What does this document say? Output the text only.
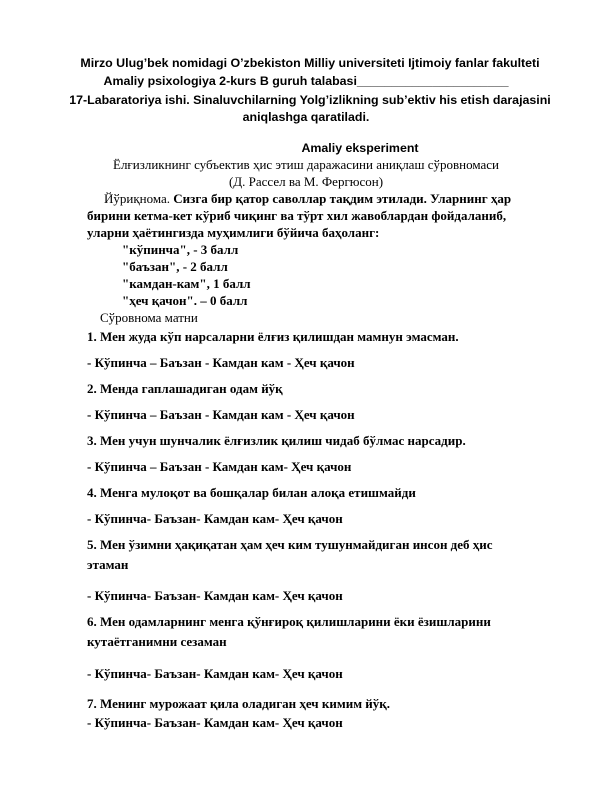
Mirzo Ulug’bek nomidagi O’zbekiston Milliy universiteti Ijtimoiy fanlar fakulteti
Amaliy psixologiya 2-kurs B guruh talabasi______________________
17-Labaratoriya ishi. Sinaluvchilarning Yolg’izlikning sub’ektiv his etish darajasini
aniqlashga qaratiladi.
Amaliy eksperiment
Ёлғизликнинг субъектив ҳис этиш даражасини аниқлаш сўровномаси
(Д. Рассел ва М. Фергюсон)
Йўриқнома. Сизга бир қатор саволлар тақдим этилади. Уларнинг ҳар
бирини кетма-кет кўриб чиқинг ва тўрт хил жавоблардан фойдаланиб,
уларни ҳаётингизда муҳимлиги бўйича баҳоланг:
"кўпинча", - 3 балл
"баъзан", - 2 балл
"камдан-кам", 1 балл
"ҳеч қачон". – 0 балл
Сўровнома матни
1. Мен жуда кўп нарсаларни ёлғиз қилишдан мамнун эмасман.
- Кўпинча – Баъзан - Камдан кам - Ҳеч қачон
2. Менда гаплашадиган одам йўқ
- Кўпинча – Баъзан - Камдан кам - Ҳеч қачон
3. Мен учун шунчалик ёлғизлик қилиш чидаб бўлмас нарсадир.
- Кўпинча – Баъзан - Камдан кам- Ҳеч қачон
4. Менга мулоқот ва бошқалар билан алоқа етишмайди
- Кўпинча- Баъзан- Камдан кам- Ҳеч қачон
5. Мен ўзимни ҳақиқатан ҳам ҳеч ким тушунмайдиган инсон деб ҳис
этаман
- Кўпинча- Баъзан- Камдан кам- Ҳеч қачон
6. Мен одамларнинг менга қўнғироқ қилишларини ёки ёзишларини
кутаётганимни сезаман
- Кўпинча- Баъзан- Камдан кам- Ҳеч қачон
7. Менинг мурожаат қила оладиган ҳеч кимим йўқ.
- Кўпинча- Баъзан- Камдан кам- Ҳеч қачон
